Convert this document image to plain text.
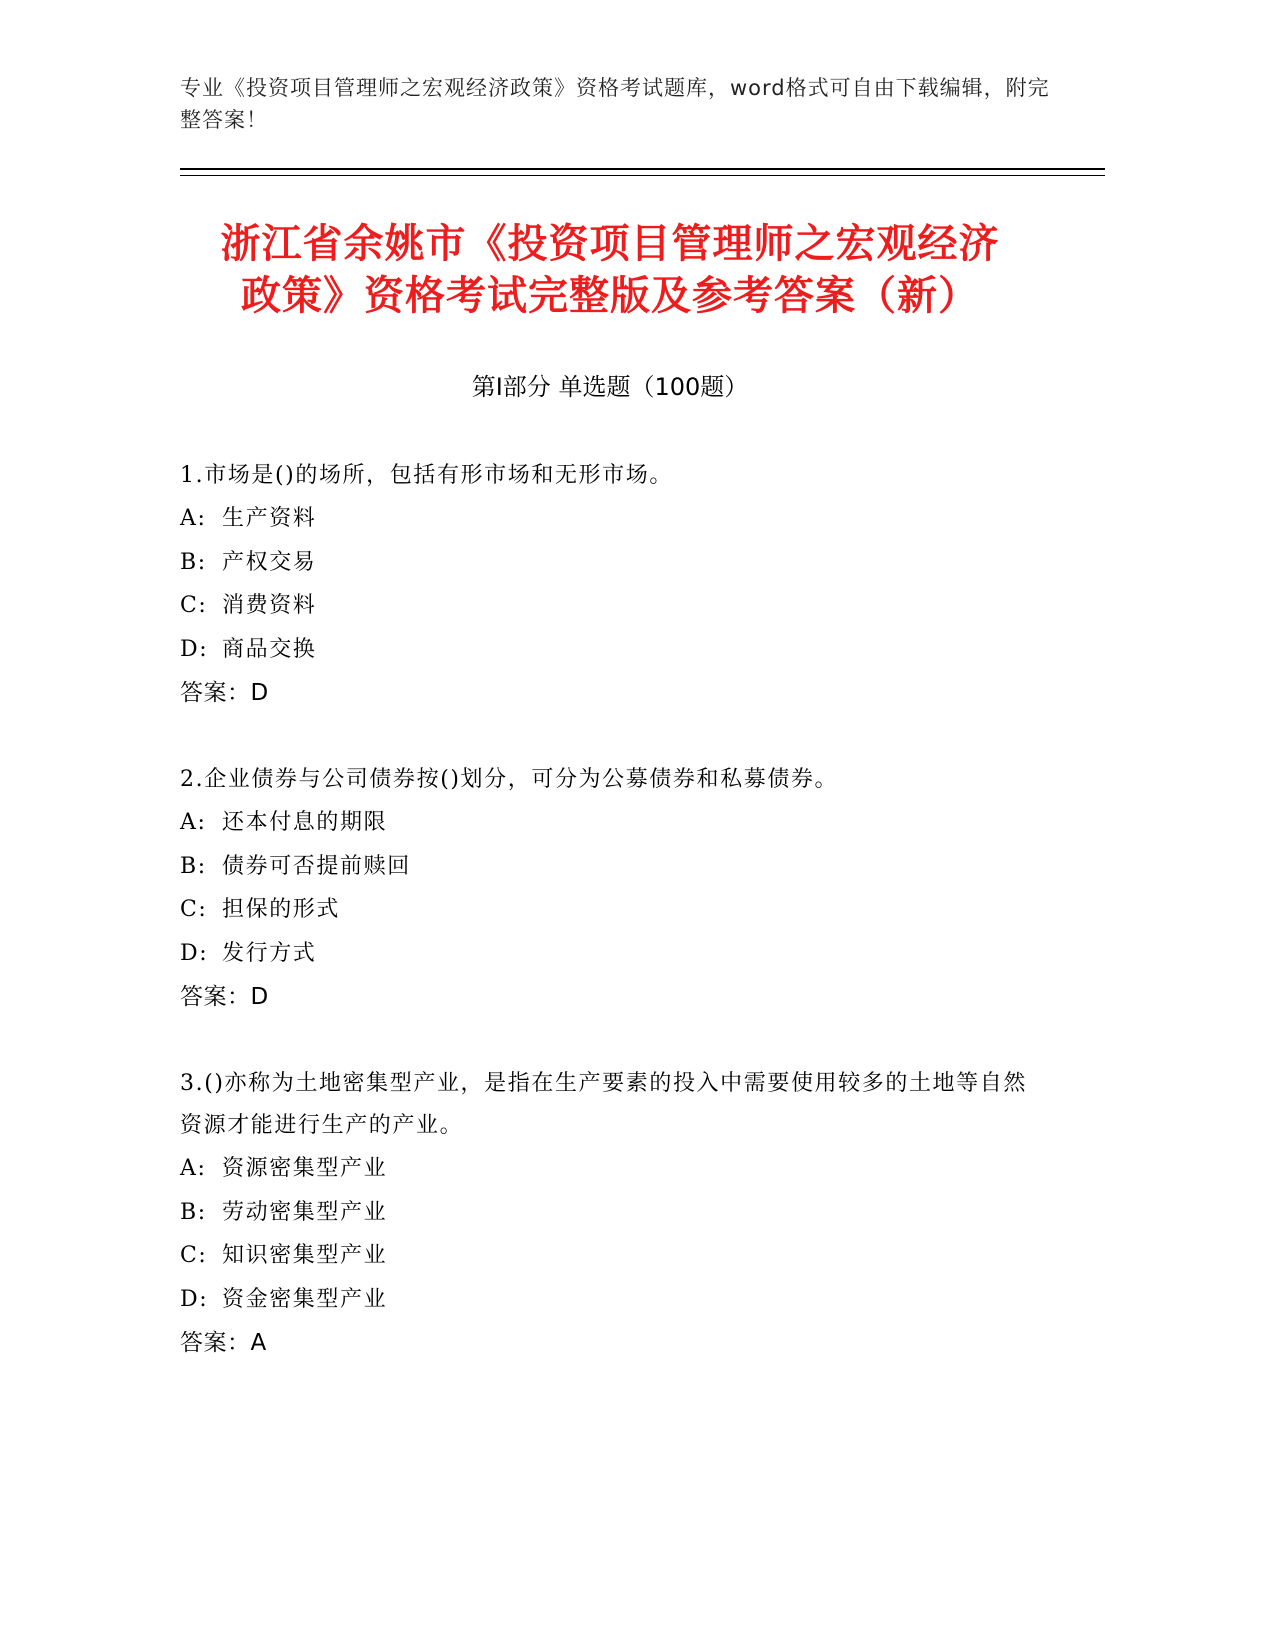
专业《投资项目管理师之宏观经济政策》资格考试题库，word格式可自由下载编辑，附完整答案！
浙江省余姚市《投资项目管理师之宏观经济
政策》资格考试完整版及参考答案（新）
第I部分 单选题（100题）
1.市场是()的场所，包括有形市场和无形市场。
A: 生产资料
B: 产权交易
C: 消费资料
D: 商品交换
答案：D
2.企业债券与公司债券按()划分，可分为公募债券和私募债券。
A: 还本付息的期限
B: 债券可否提前赎回
C: 担保的形式
D: 发行方式
答案：D
3.()亦称为土地密集型产业，是指在生产要素的投入中需要使用较多的土地等自然资源才能进行生产的产业。
A: 资源密集型产业
B: 劳动密集型产业
C: 知识密集型产业
D: 资金密集型产业
答案：A
